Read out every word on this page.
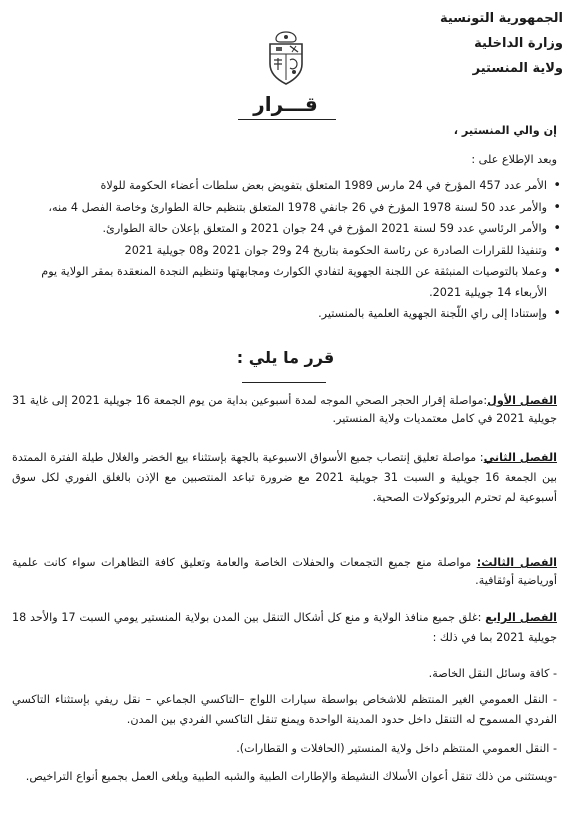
الجمهورية التونسية
وزارة الداخلية
ولاية المنستير
قـــرار
إن والي المنستير ،
وبعد الإطلاع على :
• الأمر عدد 457 المؤرخ في 24 مارس 1989 المتعلق بتفويض بعض سلطات أعضاء الحكومة للولاة
• والأمر عدد 50 لسنة 1978 المؤرخ في 26 جانفي 1978 المتعلق بتنظيم حالة الطوارئ وخاصة الفصل 4 منه،
• والأمر الرئاسي عدد 59 لسنة 2021 المؤرخ في 24 جوان 2021 و المتعلق بإعلان حالة الطوارئ.
• وتنفيذا للقرارات الصادرة عن رئاسة الحكومة بتاريخ 24 و29 جوان 2021 و08 جويلية 2021
• وعملا بالتوصيات المنبثقة عن اللجنة الجهوية لتفادي الكوارث ومجابهتها وتنظيم النجدة المنعقدة بمقر الولاية يوم الأربعاء 14 جويلية 2021.
• وإستنادا إلى راي اللّجنة الجهوية العلمية بالمنستير.
قرر ما يلي :
الفصل الأول:مواصلة إقرار الحجر الصحي الموجه لمدة أسبوعين بداية من يوم الجمعة 16 جويلية 2021 إلى غاية 31 جويلية 2021 في كامل معتمديات ولاية المنستير.
الفصل الثاني: مواصلة تعليق إنتصاب جميع الأسواق الاسبوعية بالجهة بإستثناء بيع الخضر والغلال طيلة الفترة الممتدة بين الجمعة 16 جويلية و السبت 31 جويلية 2021 مع ضرورة تباعد المنتصبين مع الإذن بالغلق الفوري لكل سوق أسبوعية لم تحترم البروتوكولات الصحية.
الفصل الثالث: مواصلة منع جميع التجمعات والحفلات الخاصة والعامة وتعليق كافة التظاهرات سواء كانت علمية أورياضية أوثقافية.
الفصل الرابع :غلق جميع منافذ الولاية و منع كل أشكال التنقل بين المدن بولاية المنستير يومي السبت 17 والأحد 18 جويلية 2021 بما في ذلك :
- كافة وسائل النقل الخاصة.
- النقل العمومي الغير المنتظم للاشخاص بواسطة سيارات اللواج –التاكسي الجماعي – نقل ريفي بإستثناء التاكسي الفردي المسموح له التنقل داخل حدود المدينة الواحدة ويمنع تنقل التاكسي الفردي بين المدن.
- النقل العمومي المنتظم داخل ولاية المنستير (الحافلات و القطارات).
-ويستثنى من ذلك تنقل أعوان الأسلاك النشيطة والإطارات الطبية والشبه الطبية ويلغى العمل بجميع أنواع التراخيص.
